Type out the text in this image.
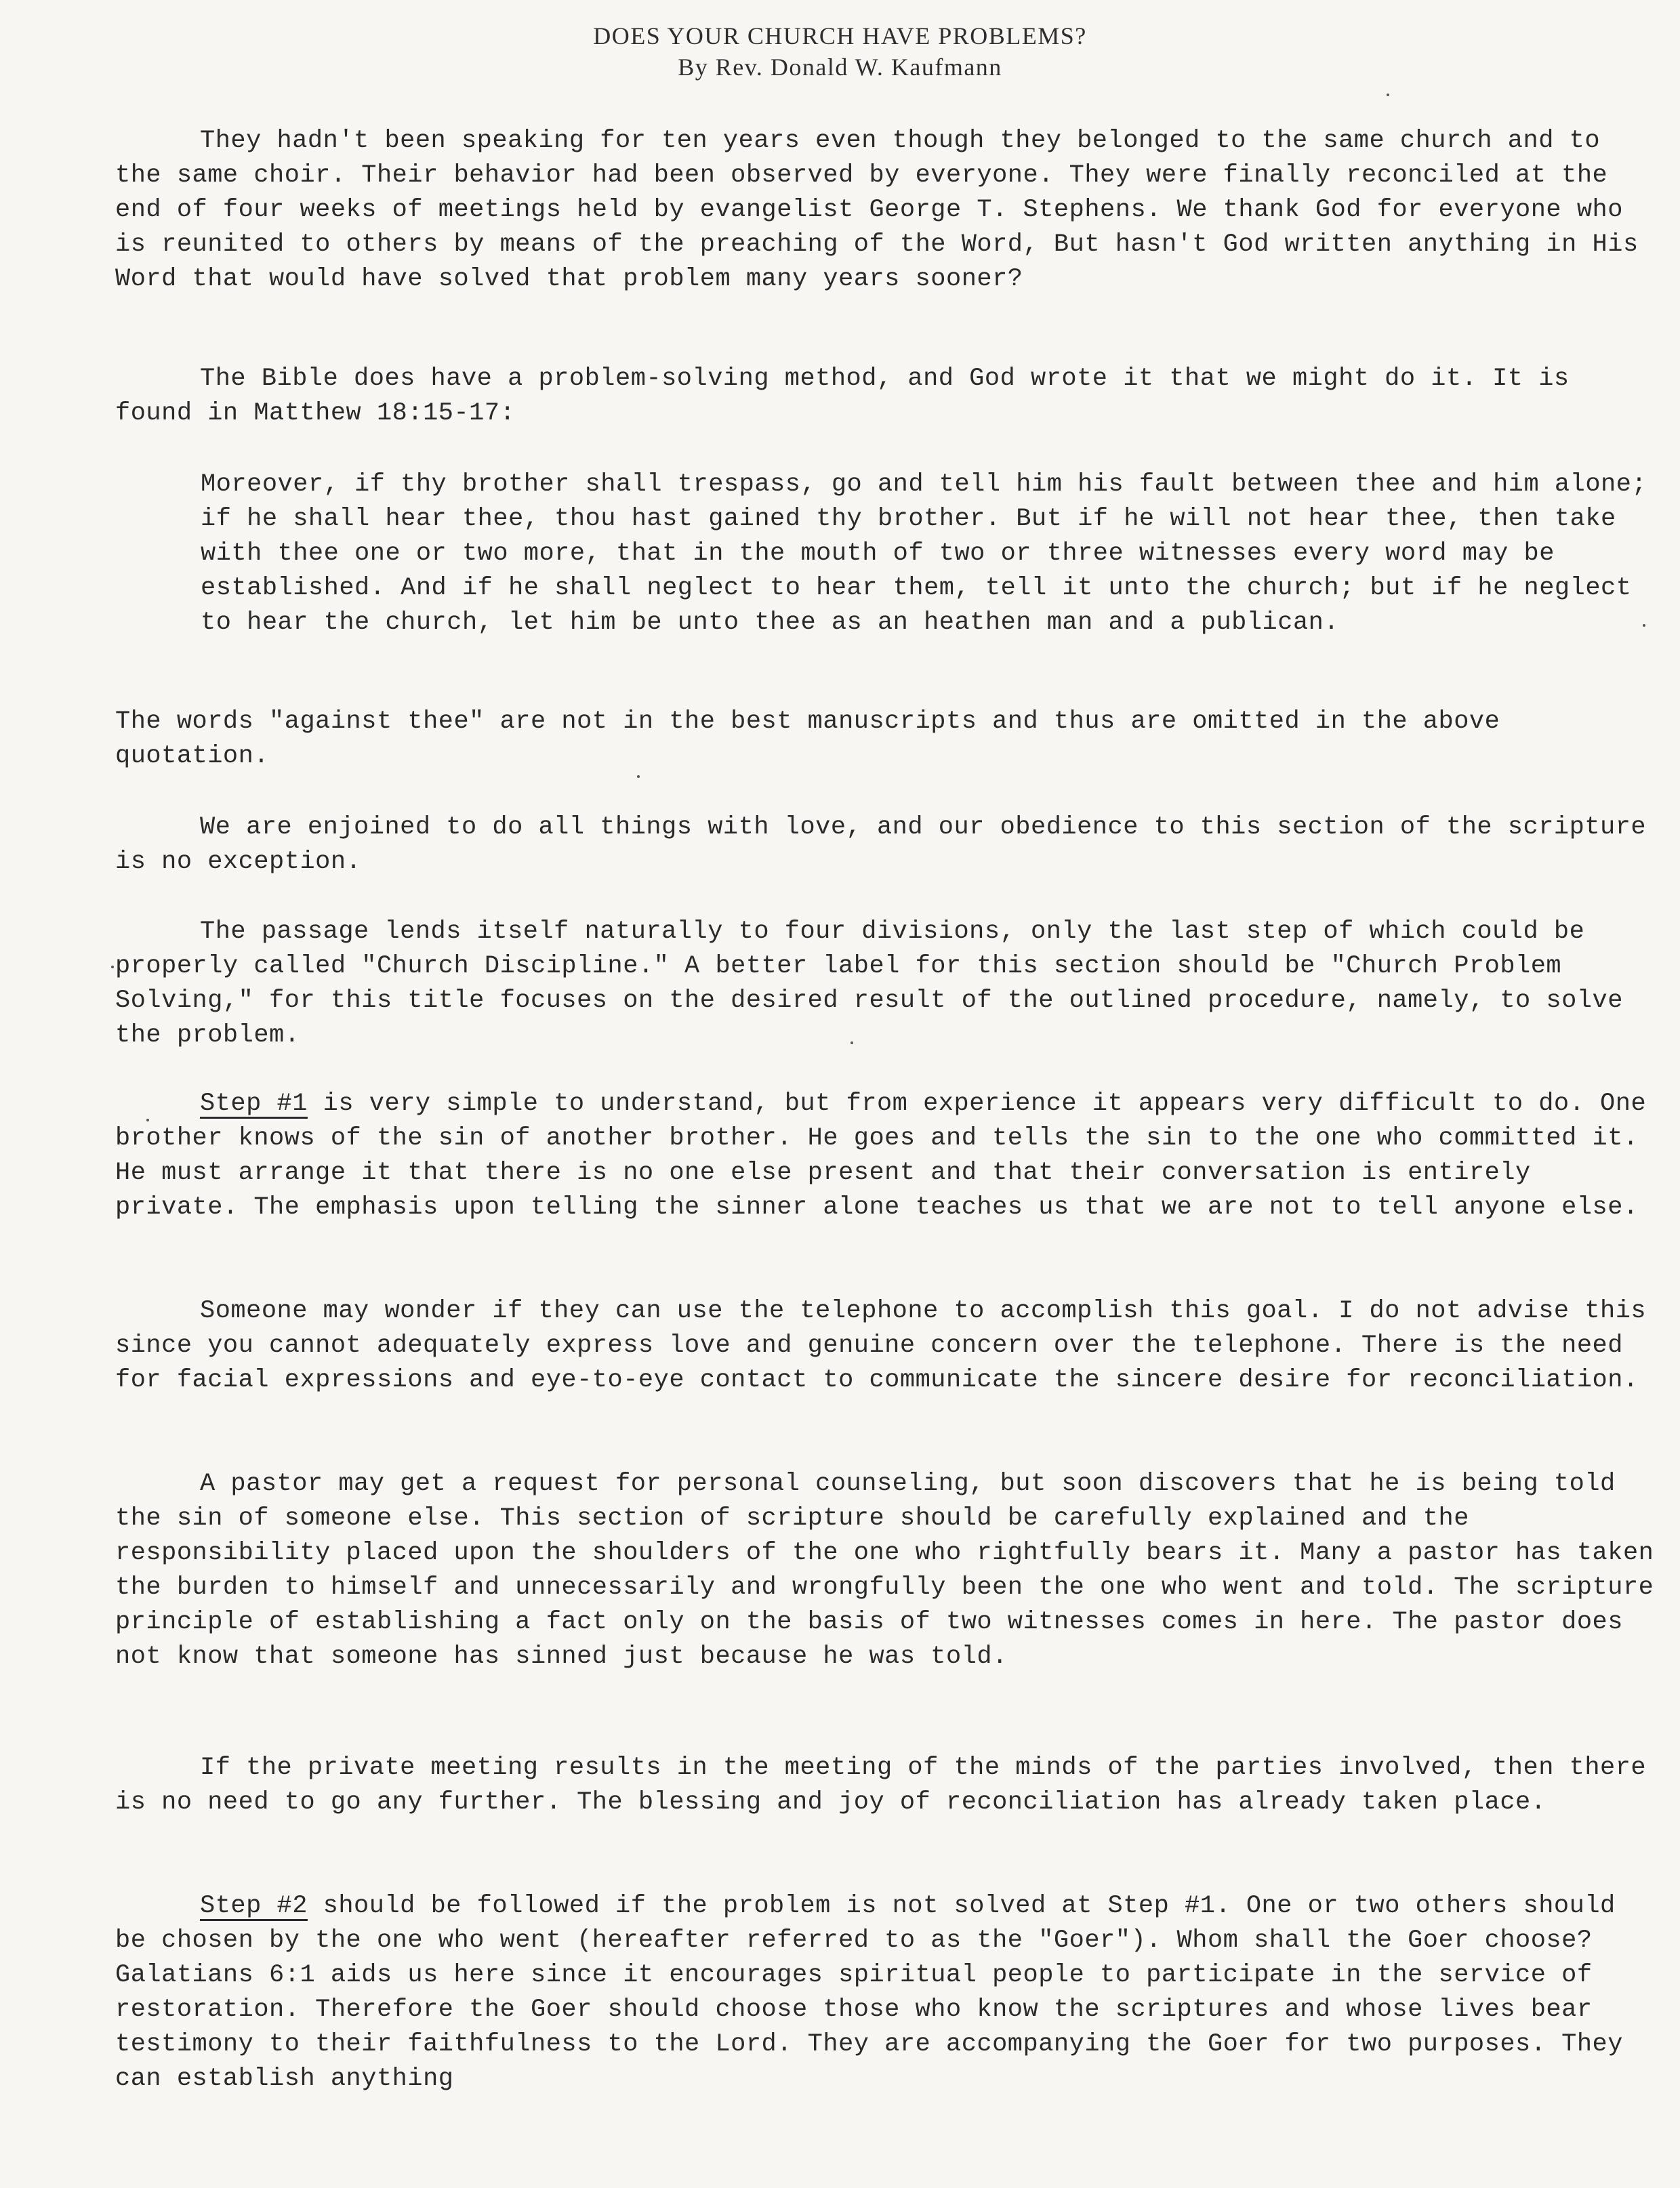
DOES YOUR CHURCH HAVE PROBLEMS?
By Rev. Donald W. Kaufmann

They hadn't been speaking for ten years even though they belonged to the same church and to the same choir. Their behavior had been observed by everyone. They were finally reconciled at the end of four weeks of meetings held by evangelist George T. Stephens. We thank God for everyone who is reunited to others by means of the preaching of the Word, But hasn't God written anything in His Word that would have solved that problem many years sooner?

The Bible does have a problem-solving method, and God wrote it that we might do it. It is found in Matthew 18:15-17:

Moreover, if thy brother shall trespass, go and tell him his fault between thee and him alone; if he shall hear thee, thou hast gained thy brother. But if he will not hear thee, then take with thee one or two more, that in the mouth of two or three witnesses every word may be established. And if he shall neglect to hear them, tell it unto the church; but if he neglect to hear the church, let him be unto thee as an heathen man and a publican.

The words "against thee" are not in the best manuscripts and thus are omitted in the above quotation.

We are enjoined to do all things with love, and our obedience to this section of the scripture is no exception.

The passage lends itself naturally to four divisions, only the last step of which could be properly called "Church Discipline." A better label for this section should be "Church Problem Solving," for this title focuses on the desired result of the outlined procedure, namely, to solve the problem.

Step #1 is very simple to understand, but from experience it appears very difficult to do. One brother knows of the sin of another brother. He goes and tells the sin to the one who committed it. He must arrange it that there is no one else present and that their conversation is entirely private. The emphasis upon telling the sinner alone teaches us that we are not to tell anyone else.

Someone may wonder if they can use the telephone to accomplish this goal. I do not advise this since you cannot adequately express love and genuine concern over the telephone. There is the need for facial expressions and eye-to-eye contact to communicate the sincere desire for reconciliation.

A pastor may get a request for personal counseling, but soon discovers that he is being told the sin of someone else. This section of scripture should be carefully explained and the responsibility placed upon the shoulders of the one who rightfully bears it. Many a pastor has taken the burden to himself and unnecessarily and wrongfully been the one who went and told. The scripture principle of establishing a fact only on the basis of two witnesses comes in here. The pastor does not know that someone has sinned just because he was told.

If the private meeting results in the meeting of the minds of the parties involved, then there is no need to go any further. The blessing and joy of reconciliation has already taken place.

Step #2 should be followed if the problem is not solved at Step #1. One or two others should be chosen by the one who went (hereafter referred to as the "Goer"). Whom shall the Goer choose? Galatians 6:1 aids us here since it encourages spiritual people to participate in the service of restoration. Therefore the Goer should choose those who know the scriptures and whose lives bear testimony to their faithfulness to the Lord. They are accompanying the Goer for two purposes. They can establish anything
